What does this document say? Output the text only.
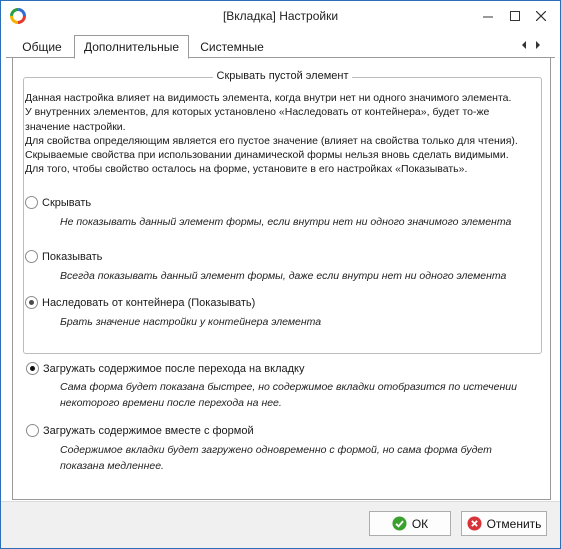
[Вкладка] Настройки
Общие	Дополнительные	Системные
Скрывать пустой элемент
Данная настройка влияет на видимость элемента, когда внутри нет ни одного значимого элемента.
У внутренних элементов, для которых установлено «Наследовать от контейнера», будет то-же
значение настройки.
Для свойства определяющим является его пустое значение (влияет на свойства только для чтения).
Скрываемые свойства при использовании динамической формы нельзя вновь сделать видимыми.
Для того, чтобы свойство осталось на форме, установите в его настройках «Показывать».
Скрывать
Не показывать данный элемент формы, если внутри нет ни одного значимого элемента
Показывать
Всегда показывать данный элемент формы, даже если внутри нет ни одного элемента
Наследовать от контейнера (Показывать)
Брать значение настройки у контейнера элемента
Загружать содержимое после перехода на вкладку
Сама форма будет показана быстрее, но содержимое вкладки отобразится по истечении
некоторого времени после перехода на нее.
Загружать содержимое вместе с формой
Содержимое вкладки будет загружено одновременно с формой, но сама форма будет
показана медленнее.
ОК	Отменить
